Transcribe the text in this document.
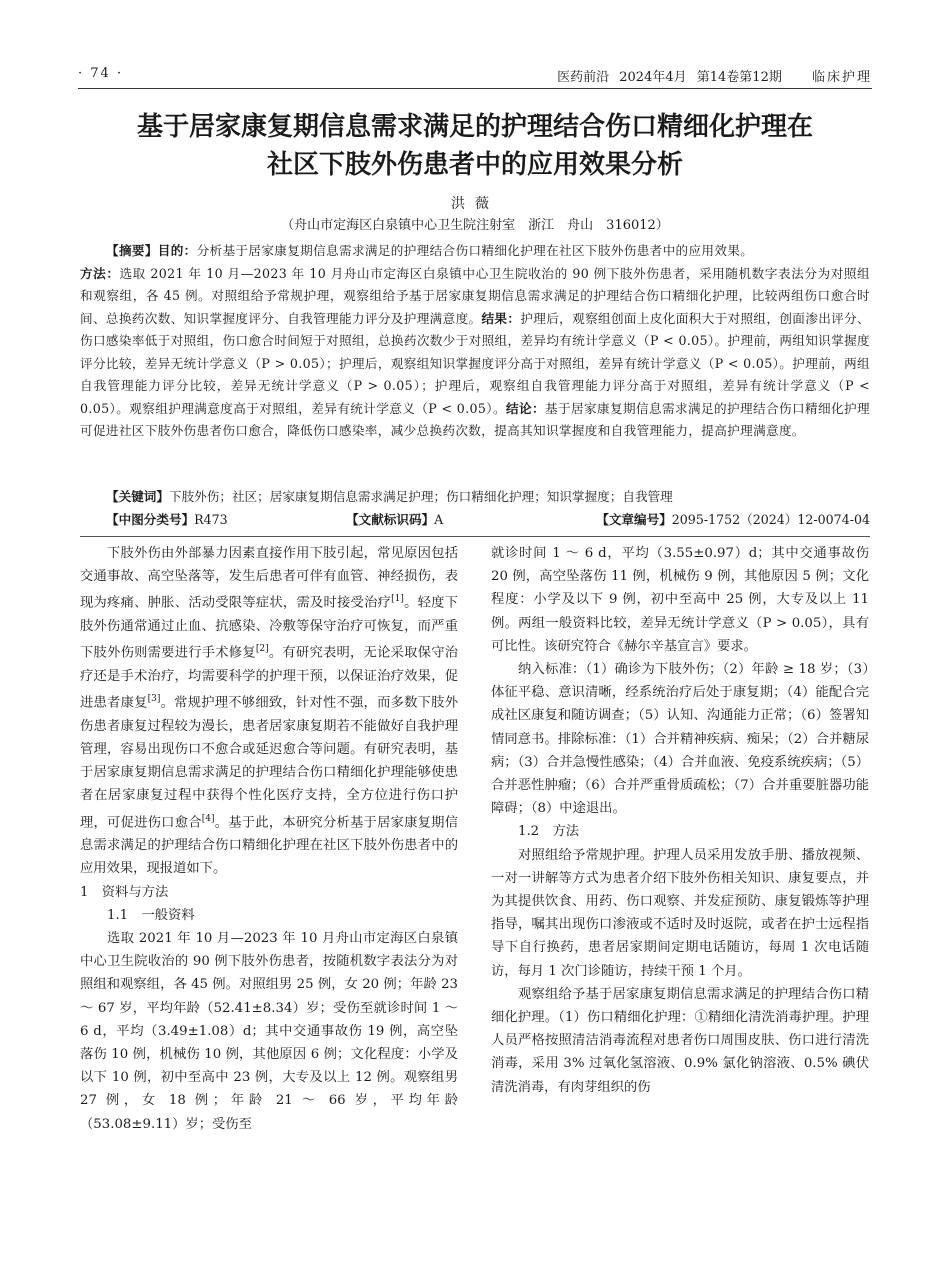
· 74 ·	医药前沿 2024年4月 第14卷第12期 临床护理
基于居家康复期信息需求满足的护理结合伤口精细化护理在
社区下肢外伤患者中的应用效果分析
洪薇
（舟山市定海区白泉镇中心卫生院注射室　浙江　舟山　316012）
【摘要】目的：分析基于居家康复期信息需求满足的护理结合伤口精细化护理在社区下肢外伤患者中的应用效果。
方法：选取 2021 年 10 月—2023 年 10 月舟山市定海区白泉镇中心卫生院收治的 90 例下肢外伤患者，采用随机数字表法分为对照组和观察组，各 45 例。对照组给予常规护理，观察组给予基于居家康复期信息需求满足的护理结合伤口精细化护理，比较两组伤口愈合时间、总换药次数、知识掌握度评分、自我管理能力评分及护理满意度。结果：护理后，观察组创面上皮化面积大于对照组，创面渗出评分、伤口感染率低于对照组，伤口愈合时间短于对照组，总换药次数少于对照组，差异均有统计学意义（P < 0.05）。护理前，两组知识掌握度评分比较，差异无统计学意义（P > 0.05）；护理后，观察组知识掌握度评分高于对照组，差异有统计学意义（P < 0.05）。护理前，两组自我管理能力评分比较，差异无统计学意义（P > 0.05）；护理后，观察组自我管理能力评分高于对照组，差异有统计学意义（P < 0.05）。观察组护理满意度高于对照组，差异有统计学意义（P < 0.05）。结论：基于居家康复期信息需求满足的护理结合伤口精细化护理可促进社区下肢外伤患者伤口愈合，降低伤口感染率，减少总换药次数，提高其知识掌握度和自我管理能力，提高护理满意度。
【关键词】下肢外伤；社区；居家康复期信息需求满足护理；伤口精细化护理；知识掌握度；自我管理
【中图分类号】R473	【文献标识码】A	【文章编号】2095-1752（2024）12-0074-04

下肢外伤由外部暴力因素直接作用下肢引起，常见原因包括交通事故、高空坠落等，发生后患者可伴有血管、神经损伤，表现为疼痛、肿胀、活动受限等症状，需及时接受治疗[1]。轻度下肢外伤通常通过止血、抗感染、冷敷等保守治疗可恢复，而严重下肢外伤则需要进行手术修复[2]。有研究表明，无论采取保守治疗还是手术治疗，均需要科学的护理干预，以保证治疗效果，促进患者康复[3]。常规护理不够细致，针对性不强，而多数下肢外伤患者康复过程较为漫长，患者居家康复期若不能做好自我护理管理，容易出现伤口不愈合或延迟愈合等问题。有研究表明，基于居家康复期信息需求满足的护理结合伤口精细化护理能够使患者在居家康复过程中获得个性化医疗支持，全方位进行伤口护理，可促进伤口愈合[4]。基于此，本研究分析基于居家康复期信息需求满足的护理结合伤口精细化护理在社区下肢外伤患者中的应用效果，现报道如下。

1　资料与方法

1.1　一般资料

选取 2021 年 10 月—2023 年 10 月舟山市定海区白泉镇中心卫生院收治的 90 例下肢外伤患者，按随机数字表法分为对照组和观察组，各 45 例。对照组男 25 例，女 20 例；年龄 23 ～ 67 岁，平均年龄（52.41±8.34）岁；受伤至就诊时间 1 ～ 6 d，平均（3.49±1.08）d；其中交通事故伤 19 例，高空坠落伤 10 例，机械伤 10 例，其他原因 6 例；文化程度：小学及以下 10 例，初中至高中 23 例，大专及以上 12 例。观察组男 27 例，女 18 例；年龄 21 ～ 66 岁，平均年龄（53.08±9.11）岁；受伤至

就诊时间 1 ～ 6 d，平均（3.55±0.97）d；其中交通事故伤 20 例，高空坠落伤 11 例，机械伤 9 例，其他原因 5 例；文化程度：小学及以下 9 例，初中至高中 25 例，大专及以上 11 例。两组一般资料比较，差异无统计学意义（P > 0.05），具有可比性。该研究符合《赫尔辛基宣言》要求。

纳入标准：（1）确诊为下肢外伤；（2）年龄 ≥ 18 岁；（3）体征平稳、意识清晰，经系统治疗后处于康复期；（4）能配合完成社区康复和随访调查；（5）认知、沟通能力正常；（6）签署知情同意书。排除标准：（1）合并精神疾病、痴呆；（2）合并糖尿病；（3）合并急慢性感染；（4）合并血液、免疫系统疾病；（5）合并恶性肿瘤；（6）合并严重骨质疏松；（7）合并重要脏器功能障碍；（8）中途退出。

1.2　方法

对照组给予常规护理。护理人员采用发放手册、播放视频、一对一讲解等方式为患者介绍下肢外伤相关知识、康复要点，并为其提供饮食、用药、伤口观察、并发症预防、康复锻炼等护理指导，嘱其出现伤口渗液或不适时及时返院，或者在护士远程指导下自行换药，患者居家期间定期电话随访，每周 1 次电话随访，每月 1 次门诊随访，持续干预 1 个月。

观察组给予基于居家康复期信息需求满足的护理结合伤口精细化护理。（1）伤口精细化护理：①精细化清洗消毒护理。护理人员严格按照清洁消毒流程对患者伤口周围皮肤、伤口进行清洗消毒，采用 3% 过氧化氢溶液、0.9% 氯化钠溶液、0.5% 碘伏清洗消毒，有肉芽组织的伤
